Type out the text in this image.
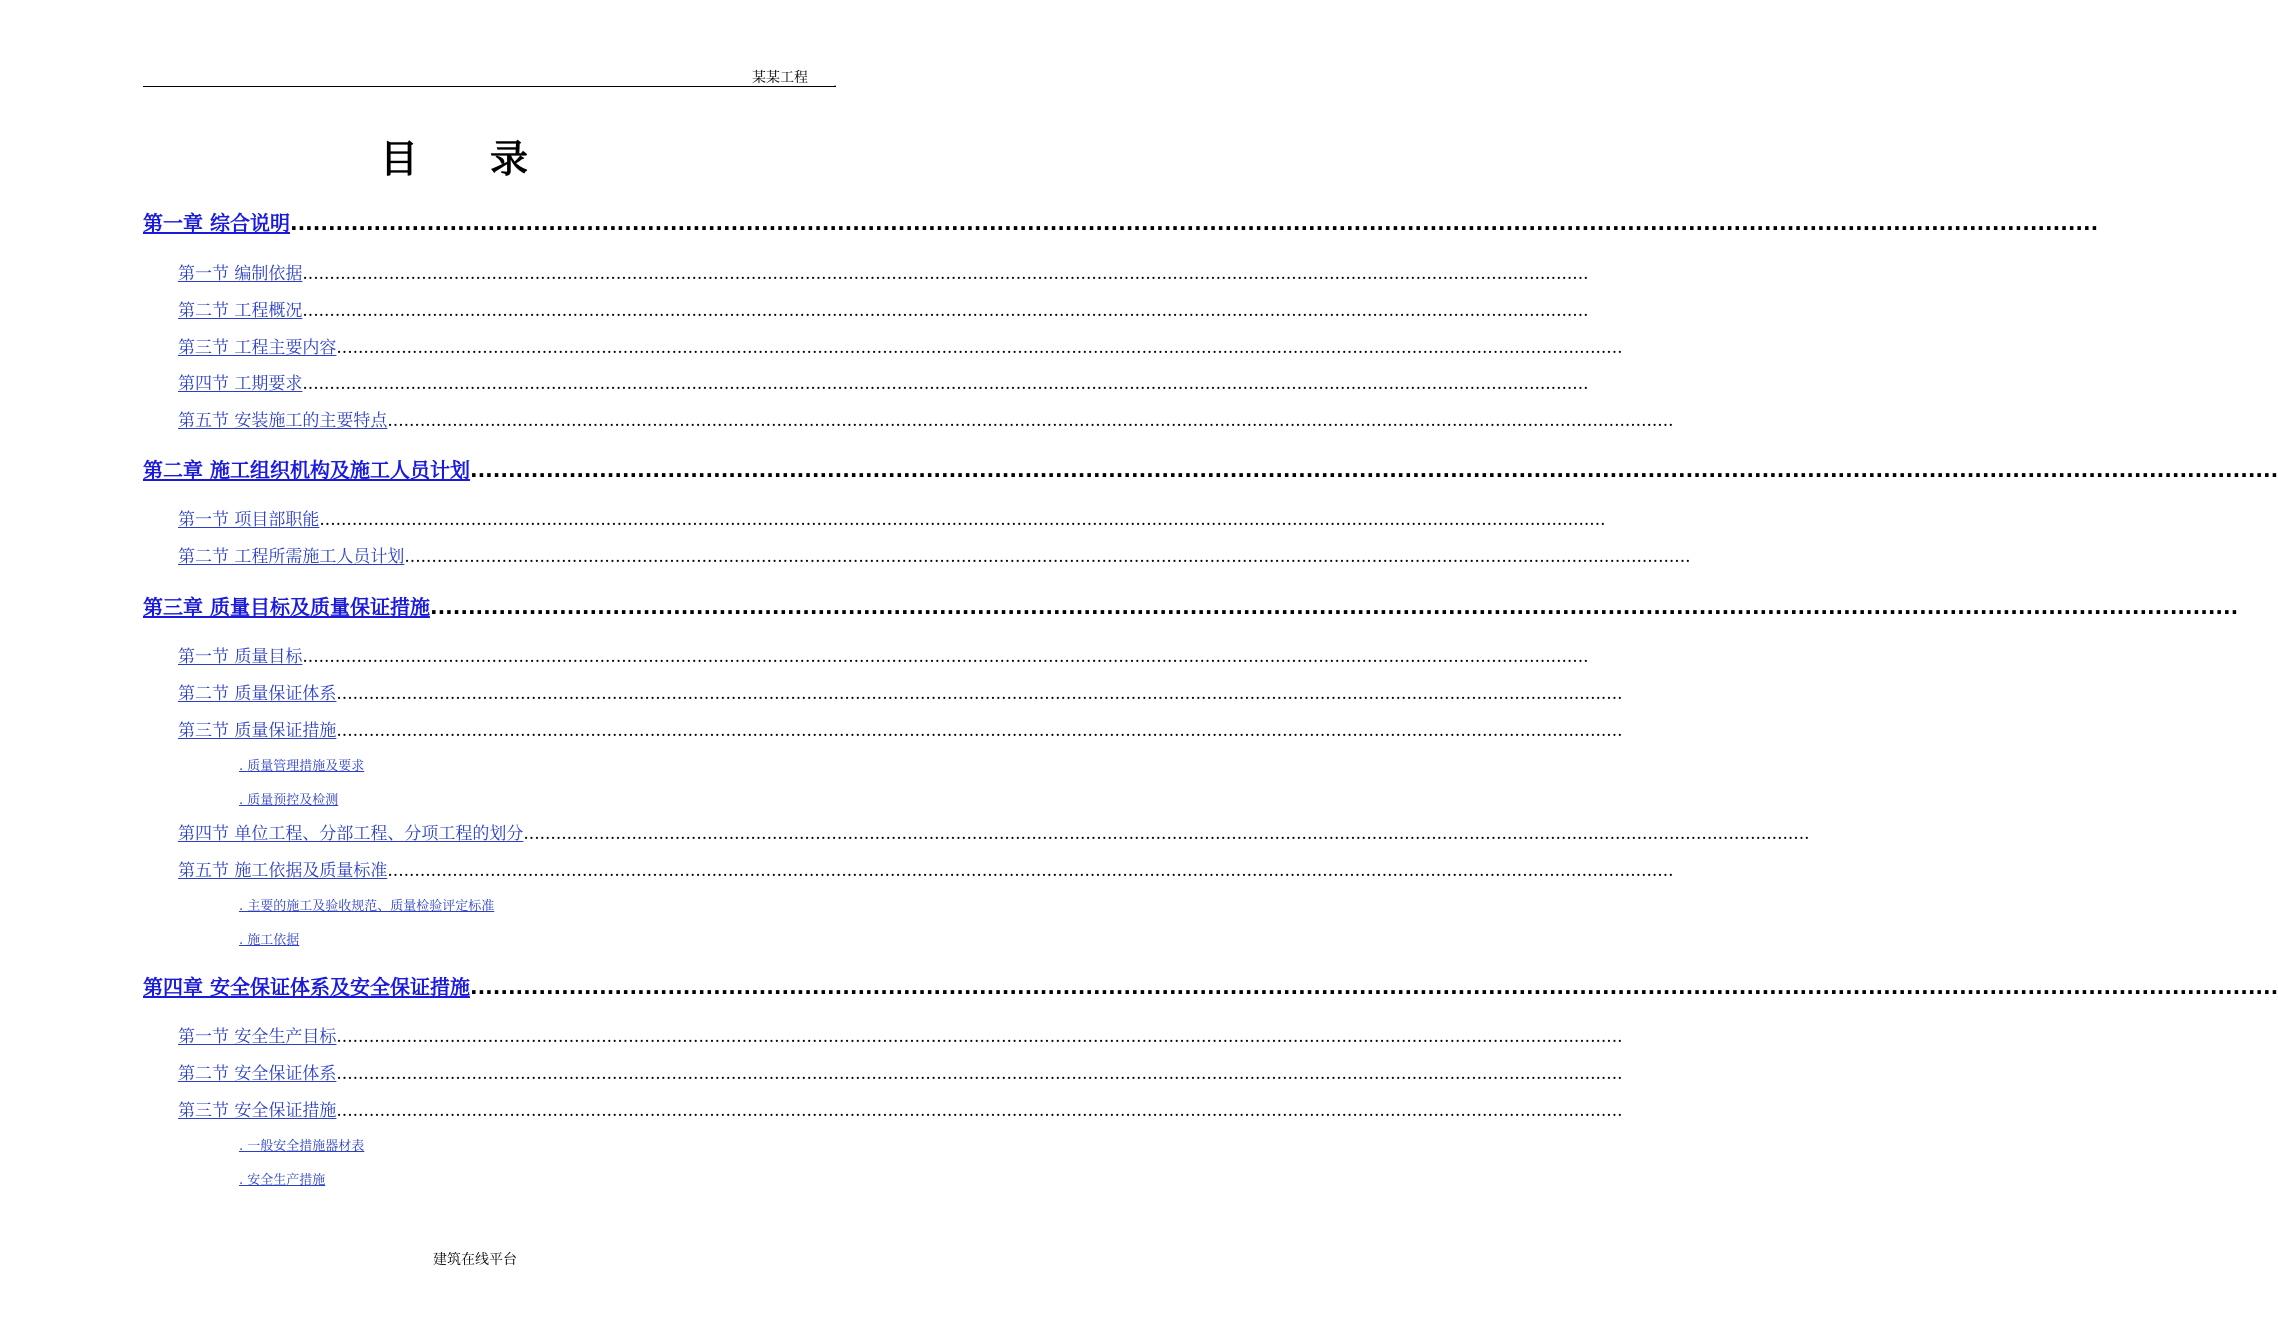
某某工程 .
目录
第一章 综合说明 ..............................................................................................................................................................................................................................................
第一节 编制依据 ..............................................................................................................................................................................................................................................
第二节 工程概况 ..............................................................................................................................................................................................................................................
第三节 工程主要内容 ..............................................................................................................................................................................................................................................
第四节 工期要求 ..............................................................................................................................................................................................................................................
第五节 安装施工的主要特点 ..............................................................................................................................................................................................................................................
第二章 施工组织机构及施工人员计划 ..............................................................................................................................................................................................................................................
第一节 项目部职能 ..............................................................................................................................................................................................................................................
第二节 工程所需施工人员计划 ..............................................................................................................................................................................................................................................
第三章 质量目标及质量保证措施 ..............................................................................................................................................................................................................................................
第一节 质量目标 ..............................................................................................................................................................................................................................................
第二节 质量保证体系 ..............................................................................................................................................................................................................................................
第三节 质量保证措施 ..............................................................................................................................................................................................................................................
. 质量管理措施及要求
. 质量预控及检测
第四节 单位工程、分部工程、分项工程的划分 ..............................................................................................................................................................................................................................................
第五节 施工依据及质量标准 ..............................................................................................................................................................................................................................................
. 主要的施工及验收规范、质量检验评定标准
. 施工依据
第四章 安全保证体系及安全保证措施 ..............................................................................................................................................................................................................................................
第一节 安全生产目标 ..............................................................................................................................................................................................................................................
第二节 安全保证体系 ..............................................................................................................................................................................................................................................
第三节 安全保证措施 ..............................................................................................................................................................................................................................................
. 一般安全措施器材表
. 安全生产措施
建筑在线平台
